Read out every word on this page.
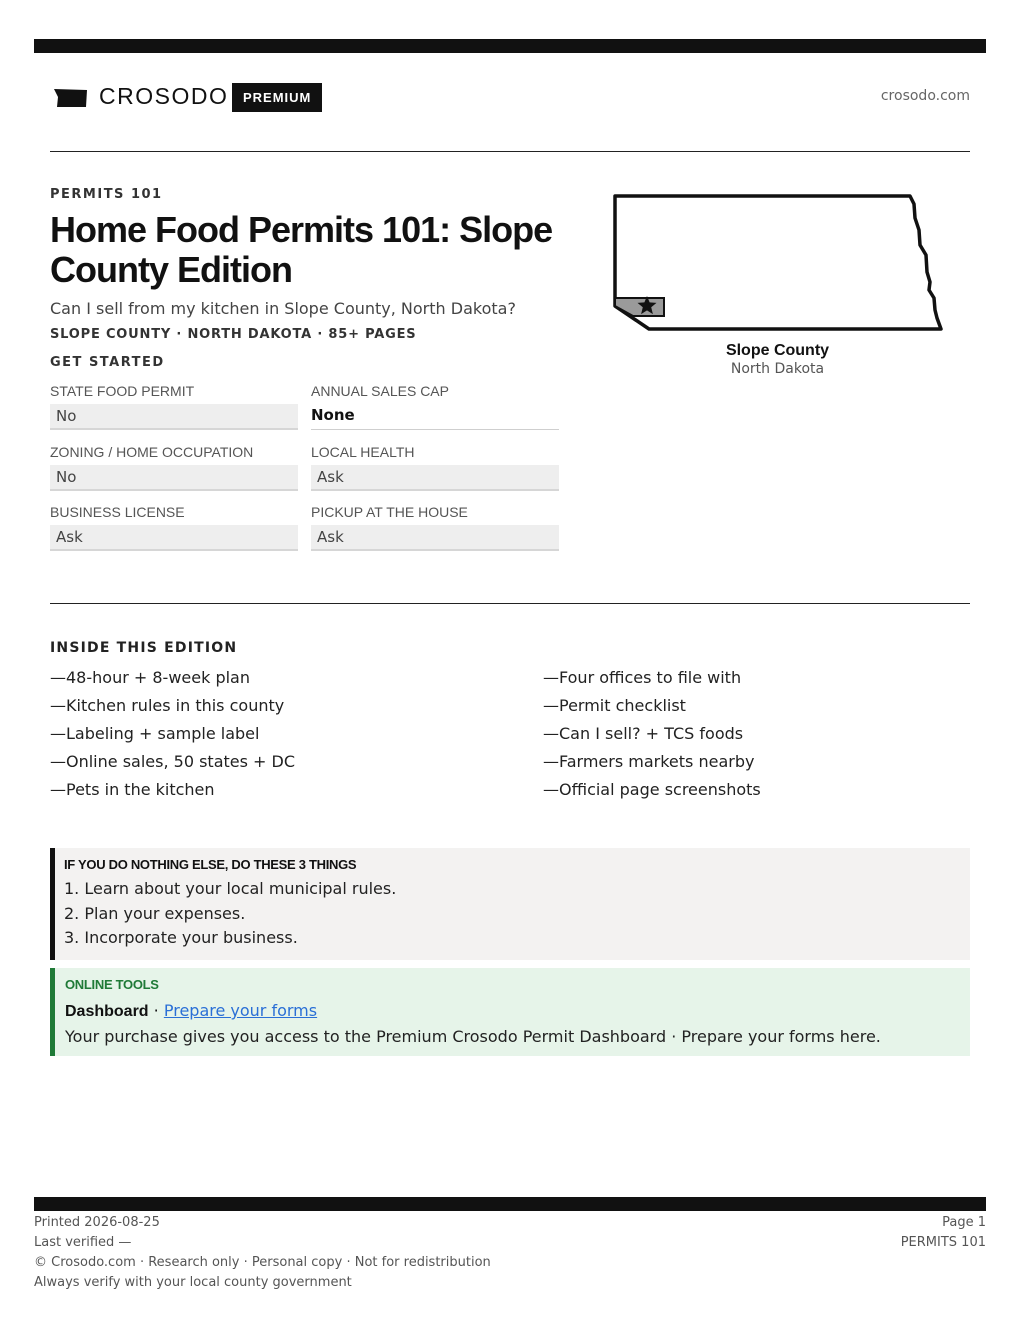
CROSODO	PREMIUM	crosodo.com
PERMITS 101
Home Food Permits 101: Slope County Edition
Can I sell from my kitchen in Slope County, North Dakota?
SLOPE COUNTY · NORTH DAKOTA · 85+ PAGES
GET STARTED
STATE FOOD PERMIT
No
ANNUAL SALES CAP
None
ZONING / HOME OCCUPATION
No
LOCAL HEALTH
Ask
BUSINESS LICENSE
Ask
PICKUP AT THE HOUSE
Ask
Slope County
North Dakota
INSIDE THIS EDITION
—48-hour + 8-week plan
—Kitchen rules in this county
—Labeling + sample label
—Online sales, 50 states + DC
—Pets in the kitchen
—Four offices to file with
—Permit checklist
—Can I sell? + TCS foods
—Farmers markets nearby
—Official page screenshots
IF YOU DO NOTHING ELSE, DO THESE 3 THINGS
1. Learn about your local municipal rules.
2. Plan your expenses.
3. Incorporate your business.
ONLINE TOOLS
Dashboard · Prepare your forms
Your purchase gives you access to the Premium Crosodo Permit Dashboard · Prepare your forms here.
Printed 2026-08-25
Last verified —
© Crosodo.com · Research only · Personal copy · Not for redistribution
Always verify with your local county government
Page 1
PERMITS 101
